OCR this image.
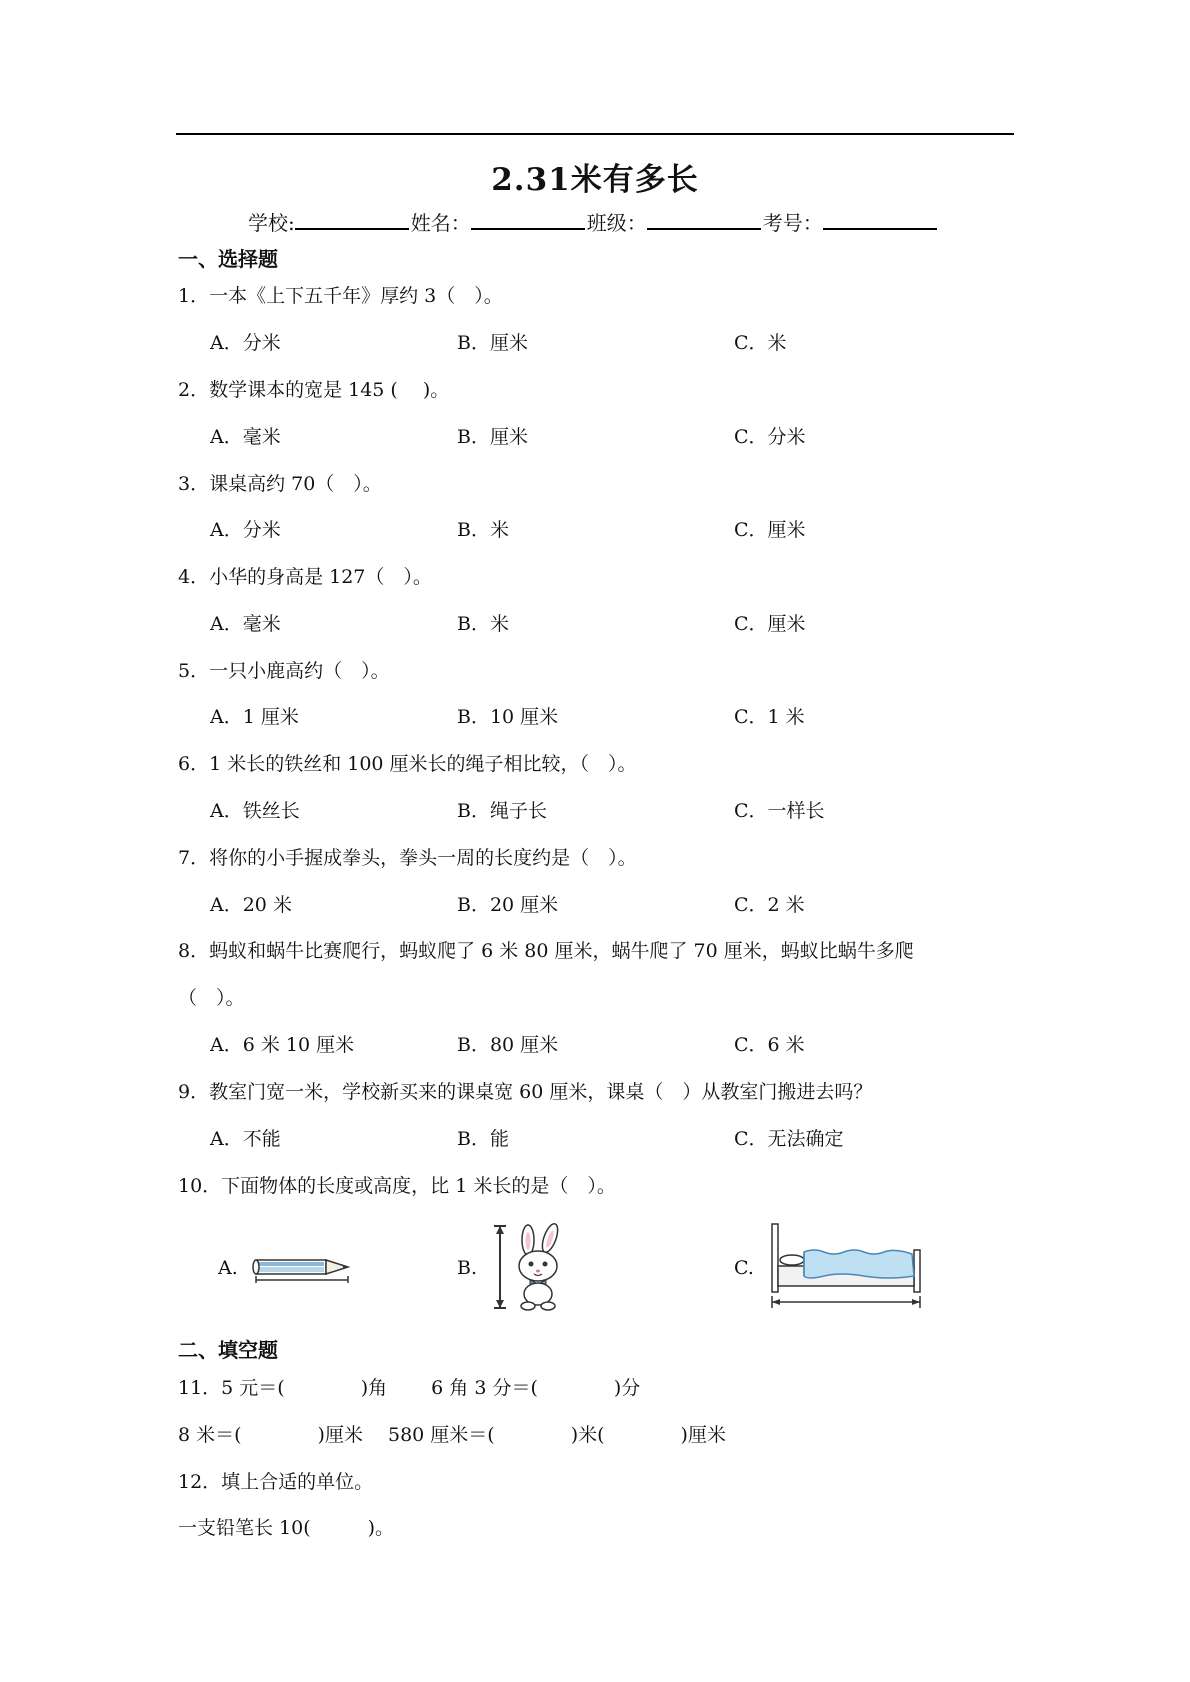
2.31米有多长
学校:	姓名：	班级：	考号：
一、选择题
1．一本《上下五千年》厚约 3（　）。
A．分米	B．厘米	C．米
2．数学课本的宽是 145 (　 )。
A．毫米	B．厘米	C．分米
3．课桌高约 70（　）。
A．分米	B．米	C．厘米
4．小华的身高是 127（　）。
A．毫米	B．米	C．厘米
5．一只小鹿高约（　）。
A．1 厘米	B．10 厘米	C．1 米
6．1 米长的铁丝和 100 厘米长的绳子相比较，（　）。
A．铁丝长	B．绳子长	C．一样长
7．将你的小手握成拳头，拳头一周的长度约是（　）。
A．20 米	B．20 厘米	C．2 米
8．蚂蚁和蜗牛比赛爬行，蚂蚁爬了 6 米 80 厘米，蜗牛爬了 70 厘米，蚂蚁比蜗牛多爬
（　）。
A．6 米 10 厘米	B．80 厘米	C．6 米
9．教室门宽一米，学校新买来的课桌宽 60 厘米，课桌（　）从教室门搬进去吗？
A．不能	B．能	C．无法确定
10．下面物体的长度或高度，比 1 米长的是（　）。
A.	B.	C.
二、填空题
11．5 元＝(　　　　)角　　 6 角 3 分＝(　　　　)分
8 米＝(　　　　)厘米　 580 厘米＝(　　　　)米(　　　　)厘米
12．填上合适的单位。
一支铅笔长 10(　　　)。
